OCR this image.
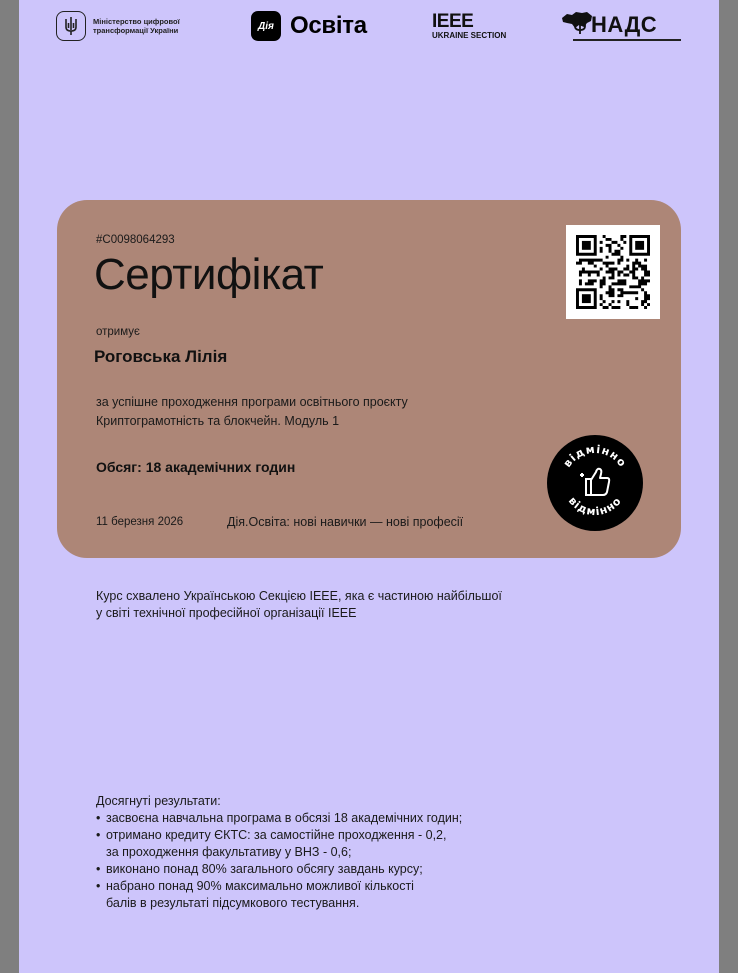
Міністерство цифрової трансформації України	Дія Освіта	IEEE
UKRAINE SECTION	НАДС
#C0098064293
Сертифікат
отримує
Роговська Лілія
за успішне проходження програми освітнього проєкту
Криптограмотність та блокчейн. Модуль 1
Обсяг: 18 академічних годин
11 березня 2026	Дія.Освіта: нові навички — нові професії
відмінно
відмінно
Курс схвалено Українською Секцією IEEE, яка є частиною найбільшої
у світі технічної професійної організації IEEE

Досягнуті результати:

• засвоєна навчальна програма в обсязі 18 академічних годин;
• отримано кредиту ЄКТС: за самостійне проходження - 0,2,
за проходження факультативу у ВНЗ - 0,6;
• виконано понад 80% загального обсягу завдань курсу;
• набрано понад 90% максимально можливої кількості
балів в результаті підсумкового тестування.
